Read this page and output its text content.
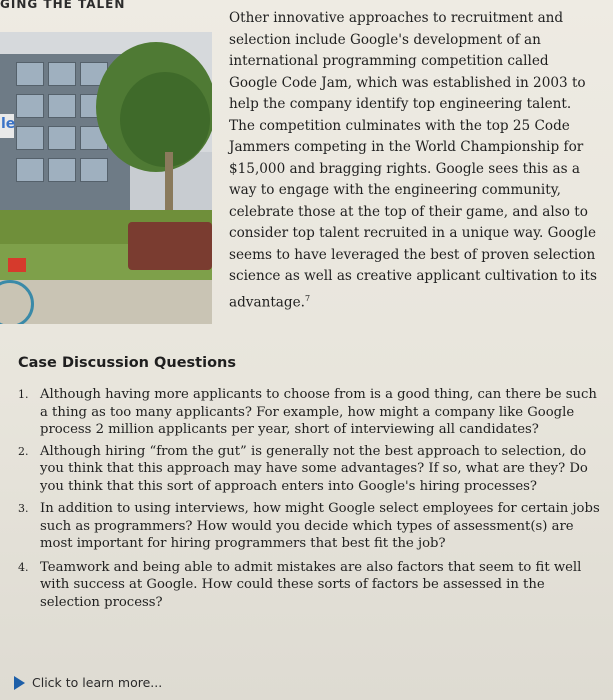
GING THE TALEN
le

Other innovative approaches to recruitment and selection include Google's development of an international programming competition called Google Code Jam, which was established in 2003 to help the company identify top engineering talent. The competition culminates with the top 25 Code Jammers competing in the World Championship for $15,000 and bragging rights. Google sees this as a way to engage with the engineering community, celebrate those at the top of their game, and also to consider top talent recruited in a unique way. Google seems to have leveraged the best of proven selection science as well as creative applicant cultivation to its advantage.$^7$

Case Discussion Questions
1. Although having more applicants to choose from is a good thing, can there be such a thing as too many applicants? For example, how might a company like Google process 2 million applicants per year, short of interviewing all candidates?
2. Although hiring “from the gut” is generally not the best approach to selection, do you think that this approach may have some advantages? If so, what are they? Do you think that this sort of approach enters into Google's hiring processes?
3. In addition to using interviews, how might Google select employees for certain jobs such as programmers? How would you decide which types of assessment(s) are most important for hiring programmers that best fit the job?
4. Teamwork and being able to admit mistakes are also factors that seem to fit well with success at Google. How could these sorts of factors be assessed in the selection process?
Click to learn more...
